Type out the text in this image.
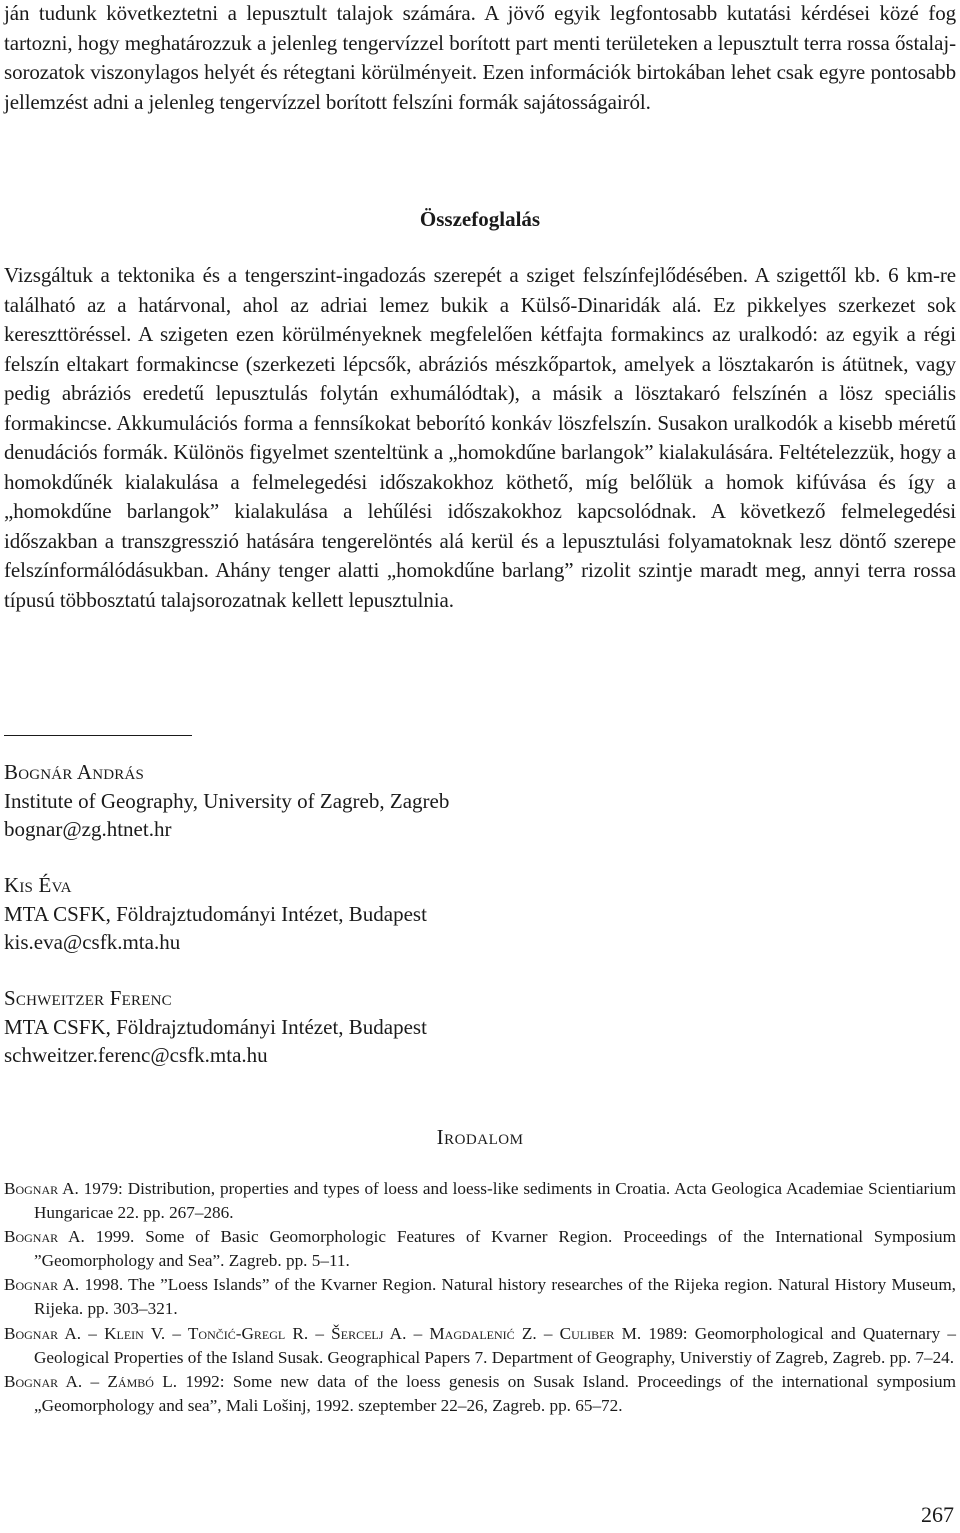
ján tudunk következtetni a lepusztult talajok számára. A jövő egyik legfontosabb kutatási kérdései közé fog tartozni, hogy meghatározzuk a jelenleg tengervízzel borított part menti területeken a lepusztult terra rossa őstalaj-sorozatok viszonylagos helyét és rétegtani körülményeit. Ezen információk birtokában lehet csak egyre pontosabb jellemzést adni a jelenleg tengervízzel borított felszíni formák sajátosságairól.

Összefoglalás

Vizsgáltuk a tektonika és a tengerszint-ingadozás szerepét a sziget felszínfejlődésében. A szigettől kb. 6 km-re található az a határvonal, ahol az adriai lemez bukik a Külső-Dinaridák alá. Ez pikkelyes szerkezet sok kereszttöréssel. A szigeten ezen körülményeknek megfelelően kétfajta formakincs az uralkodó: az egyik a régi felszín eltakart formakincse (szerkezeti lépcsők, abráziós mészkőpartok, amelyek a lösztakarón is átütnek, vagy pedig abráziós eredetű lepusztulás folytán exhumálódtak), a másik a lösztakaró felszínén a lösz speciális formakincse. Akkumulációs forma a fennsíkokat beborító konkáv löszfelszín. Susakon uralkodók a kisebb méretű denudációs formák. Különös figyelmet szenteltünk a „homokdűne barlangok” kialakulására. Feltételezzük, hogy a homokdűnék kialakulása a felmelegedési időszakokhoz köthető, míg belőlük a homok kifúvása és így a „homokdűne barlangok” kialakulása a lehűlési időszakokhoz kapcsolódnak. A következő felmelegedési időszakban a transzgresszió hatására tengerelöntés alá kerül és a lepusztulási folyamatoknak lesz döntő szerepe felszínformálódásukban. Ahány tenger alatti „homokdűne barlang” rizolit szintje maradt meg, annyi terra rossa típusú többosztatú talajsorozatnak kellett lepusztulnia.

Bognár András
Institute of Geography, University of Zagreb, Zagreb
bognar@zg.htnet.hr
Kis Éva
MTA CSFK, Földrajztudományi Intézet, Budapest
kis.eva@csfk.mta.hu
Schweitzer Ferenc
MTA CSFK, Földrajztudományi Intézet, Budapest
schweitzer.ferenc@csfk.mta.hu
Irodalom
Bognar A. 1979: Distribution, properties and types of loess and loess-like sediments in Croatia. Acta Geologica Academiae Scientiarium Hungaricae 22. pp. 267–286.
Bognar A. 1999. Some of Basic Geomorphologic Features of Kvarner Region. Proceedings of the International Symposium ”Geomorphology and Sea”. Zagreb. pp. 5–11.
Bognar A. 1998. The ”Loess Islands” of the Kvarner Region. Natural history researches of the Rijeka region. Natural History Museum, Rijeka. pp. 303–321.
Bognar A. – Klein V. – Tončić-Gregl R. – Šercelj A. – Magdalenić Z. – Culiber M. 1989: Geomorphological and Quaternary – Geological Properties of the Island Susak. Geographical Papers 7. Department of Geography, Universtiy of Zagreb, Zagreb. pp. 7–24.
Bognar A. – Zámbó L. 1992: Some new data of the loess genesis on Susak Island. Proceedings of the international symposium „Geomorphology and sea”, Mali Lošinj, 1992. szeptember 22–26, Zagreb. pp. 65–72.
267
